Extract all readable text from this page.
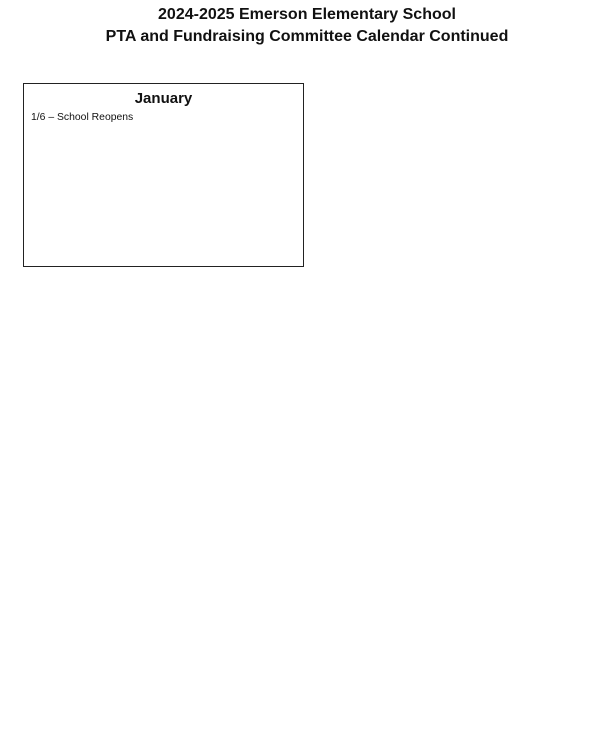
2024-2025 Emerson Elementary School
PTA and Fundraising Committee Calendar Continued
January
1/6 – School Reopens
